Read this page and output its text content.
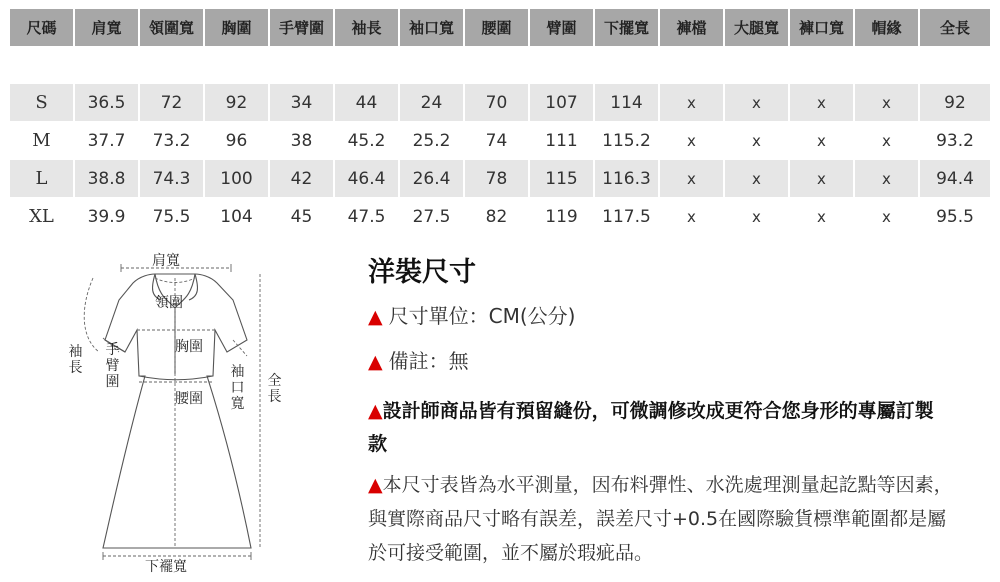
尺碼	肩寬	領圍寬	胸圍	手臂圍	袖長	袖口寬	腰圍	臂圍	下擺寬	褲檔	大腿寬	褲口寬	帽緣	全長
S	36.5	72	92	34	44	24	70	107	114	x	x	x	x	92
M	37.7	73.2	96	38	45.2	25.2	74	111	115.2	x	x	x	x	93.2
L	38.8	74.3	100	42	46.4	26.4	78	115	116.3	x	x	x	x	94.4
XL	39.9	75.5	104	45	47.5	27.5	82	119	117.5	x	x	x	x	95.5
肩寬
領圍
袖長
手臂圍
胸圍
袖口寬
腰圍
全長
下襬寬
洋裝尺寸
▲ 尺寸單位：CM(公分)
▲ 備註：無
▲設計師商品皆有預留縫份，可微調修改成更符合您身形的專屬訂製款
▲本尺寸表皆為水平測量，因布料彈性、水洗處理測量起訖點等因素，與實際商品尺寸略有誤差，誤差尺寸+0.5在國際驗貨標準範圍都是屬於可接受範圍，並不屬於瑕疵品。
